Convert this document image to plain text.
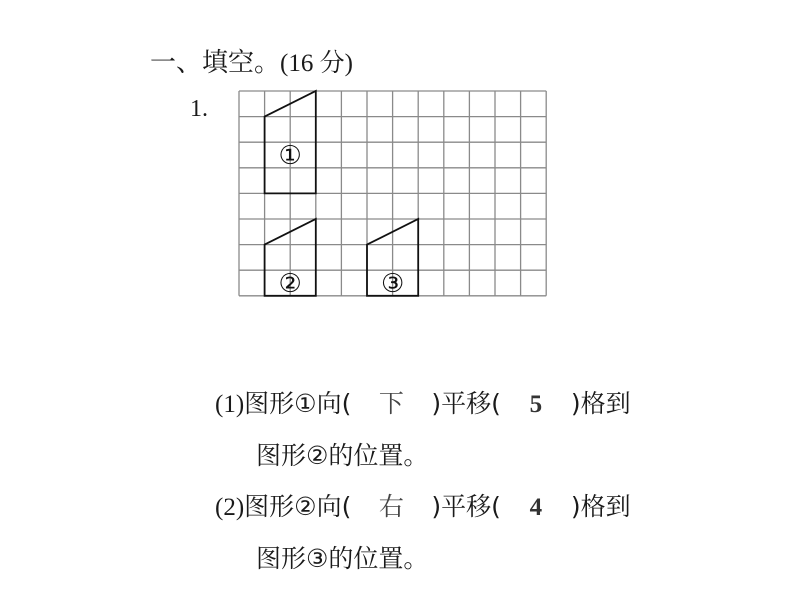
一、填空。(16 分)
1.
①
②	③
(1)图形①向( 下 )平移( 5 )格到
图形②的位置。
(2)图形②向( 右 )平移( 4 )格到
图形③的位置。
